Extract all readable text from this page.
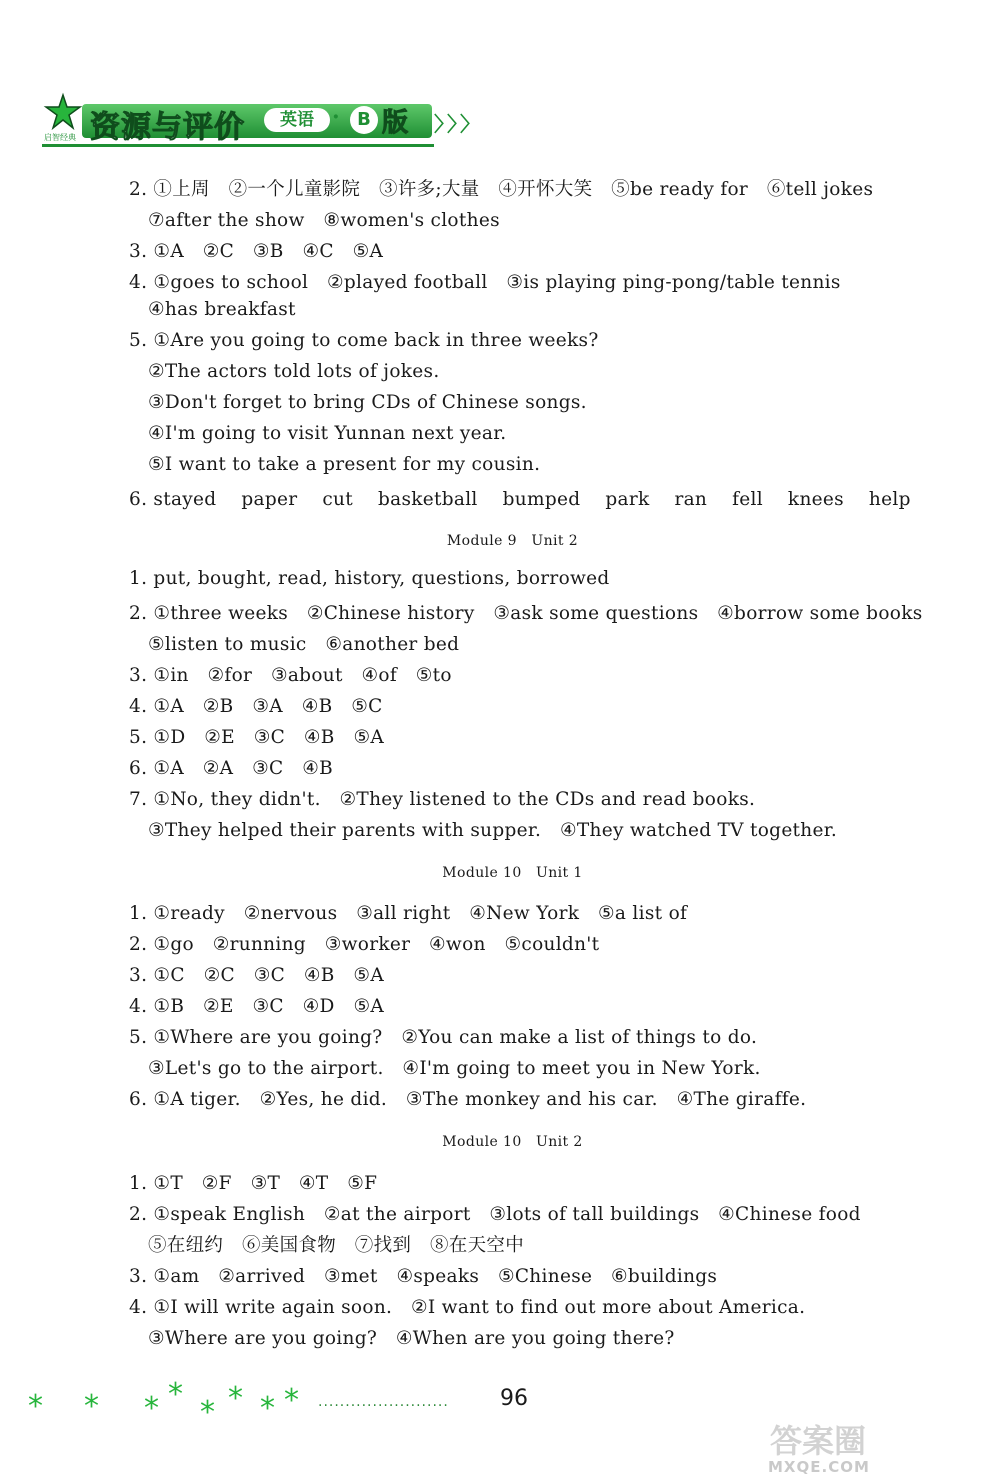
启智经典 资源与评价	英语 · B 版 〉〉〉
2. ①上周　②一个儿童影院　③许多;大量　④开怀大笑　⑤be ready for　⑥tell jokes
⑦after the show　⑧women's clothes
3. ①A　②C　③B　④C　⑤A
4. ①goes to school　②played football　③is playing ping-pong/table tennis
④has breakfast
5. ①Are you going to come back in three weeks?
②The actors told lots of jokes.
③Don't forget to bring CDs of Chinese songs.
④I'm going to visit Yunnan next year.
⑤I want to take a present for my cousin.
6. stayed　 paper　 cut　 basketball　 bumped　 park　 ran　 fell　 knees　 help
Module 9　Unit 2
1. put, bought, read, history, questions, borrowed
2. ①three weeks　②Chinese history　③ask some questions　④borrow some books
⑤listen to music　⑥another bed
3. ①in　②for　③about　④of　⑤to
4. ①A　②B　③A　④B　⑤C
5. ①D　②E　③C　④B　⑤A
6. ①A　②A　③C　④B
7. ①No, they didn't.　②They listened to the CDs and read books.
③They helped their parents with supper.　④They watched TV together.
Module 10　Unit 1
1. ①ready　②nervous　③all right　④New York　⑤a list of
2. ①go　②running　③worker　④won　⑤couldn't
3. ①C　②C　③C　④B　⑤A
4. ①B　②E　③C　④D　⑤A
5. ①Where are you going?　②You can make a list of things to do.
③Let's go to the airport.　④I'm going to meet you in New York.
6. ①A tiger.　②Yes, he did.　③The monkey and his car.　④The giraffe.
Module 10　Unit 2
1. ①T　②F　③T　④T　⑤F
2. ①speak English　②at the airport　③lots of tall buildings　④Chinese food
⑤在纽约　⑥美国食物　⑦找到　⑧在天空中
3. ①am　②arrived　③met　④speaks　⑤Chinese　⑥buildings
4. ①I will write again soon.　②I want to find out more about America.
③Where are you going?　④When are you going there?
* * * *
* * * * ........................ 96
答案圈
MXQE.COM
